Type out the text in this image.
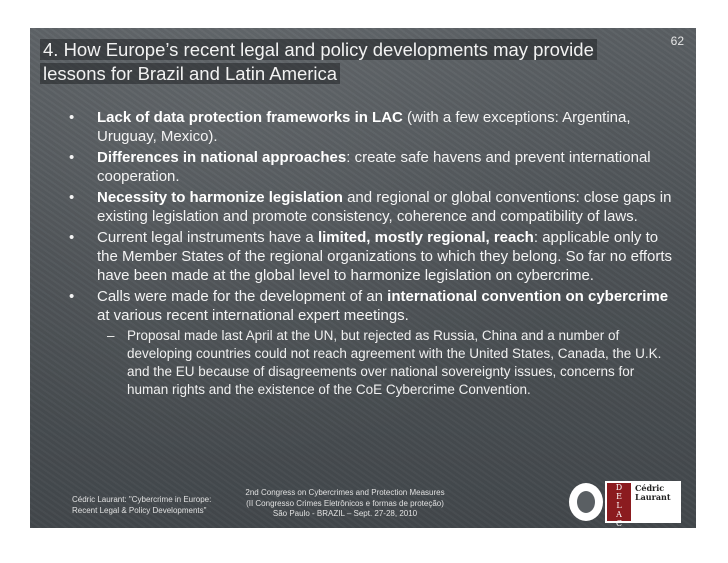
62
4. How Europe’s recent legal and policy developments may provide lessons for Brazil and Latin America
• Lack of data protection frameworks in LAC (with a few exceptions: Argentina, Uruguay, Mexico).
• Differences in national approaches: create safe havens and prevent international cooperation.
• Necessity to harmonize legislation and regional or global conventions: close gaps in existing legislation and promote consistency, coherence and compatibility of laws.
• Current legal instruments have a limited, mostly regional, reach: applicable only to the Member States of the regional organizations to which they belong. So far no efforts have been made at the global level to harmonize legislation on cybercrime.
• Calls were made for the development of an international convention on cybercrime at various recent international expert meetings.
– Proposal made last April at the UN, but rejected as Russia, China and a number of developing countries could not reach agreement with the United States, Canada, the U.K. and the EU because of disagreements over national sovereignty issues, concerns for human rights and the existence of the CoE Cybercrime Convention.
Cédric Laurant: "Cybercrime in Europe:
Recent Legal & Policy Developments"
2nd Congress on Cybercrimes and Protection Measures
(II Congresso Crimes Eletrônicos e formas de proteção)
São Paulo - BRAZIL – Sept. 27-28, 2010
D
E
L
A
C
Y
Cédric
Laurant
